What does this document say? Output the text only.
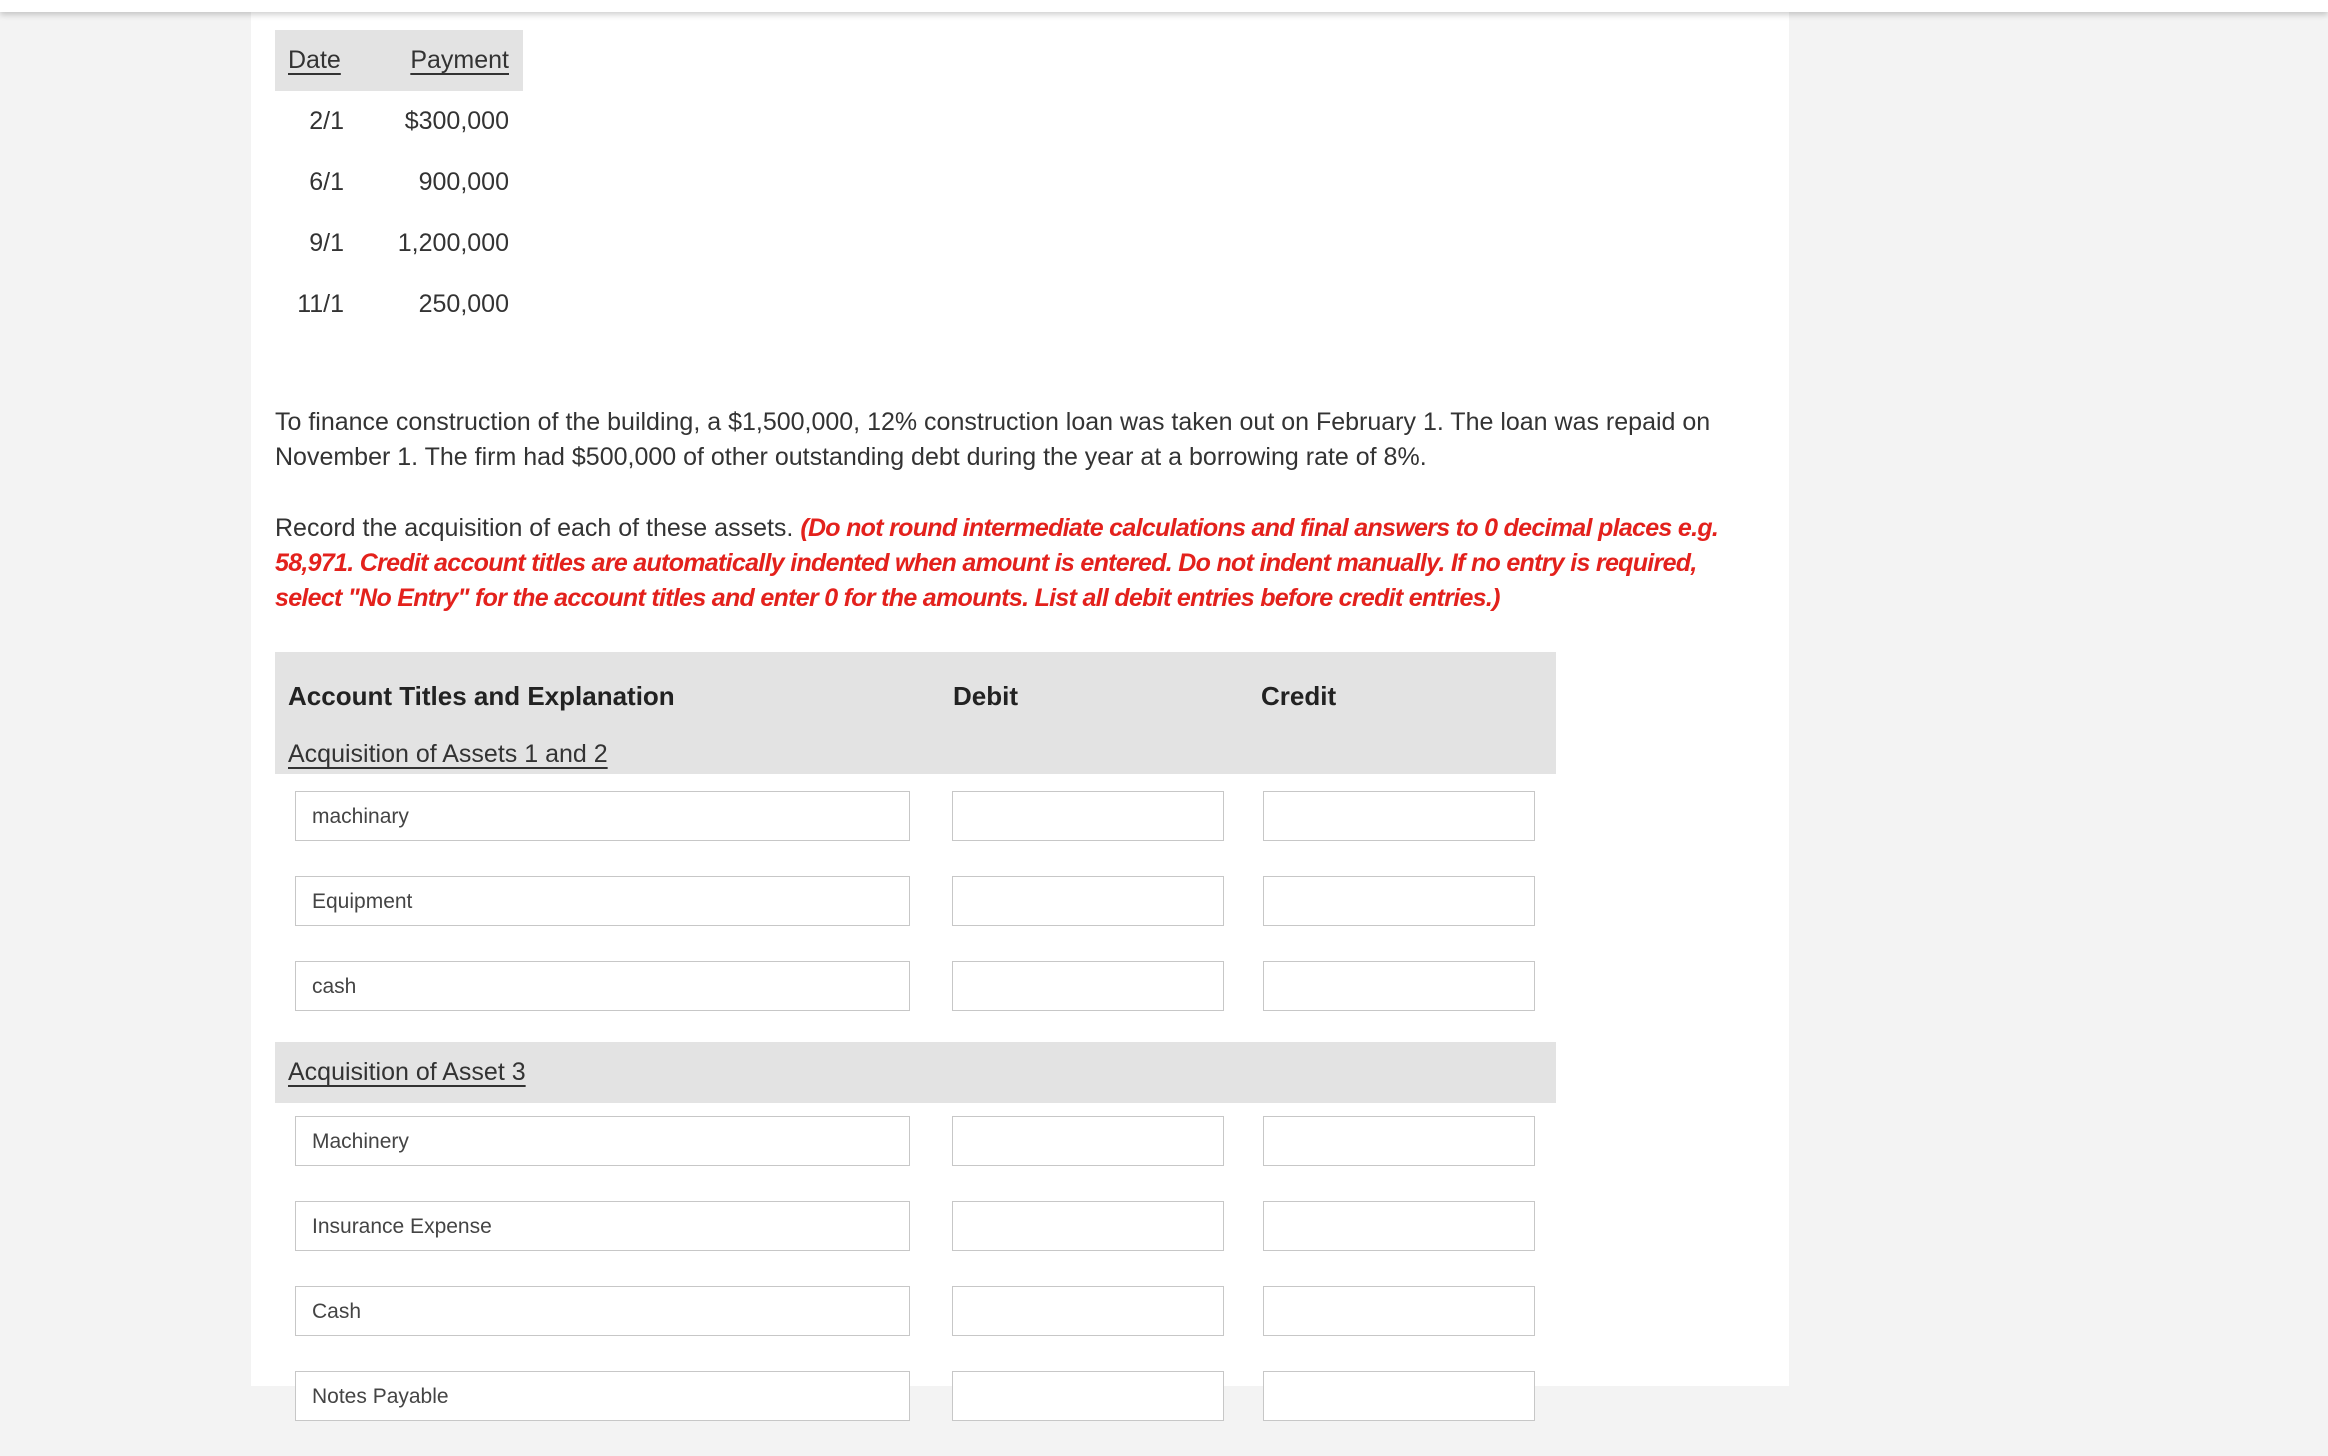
Date	Payment
2/1 $300,000
6/1	900,000
9/1 1,200,000
11/1	250,000
To finance construction of the building, a $1,500,000, 12% construction loan was taken out on February 1. The loan was repaid on November 1. The firm had $500,000 of other outstanding debt during the year at a borrowing rate of 8%.
Record the acquisition of each of these assets. (Do not round intermediate calculations and final answers to 0 decimal places e.g. 58,971. Credit account titles are automatically indented when amount is entered. Do not indent manually. If no entry is required, select "No Entry" for the account titles and enter 0 for the amounts. List all debit entries before credit entries.)
Account Titles and Explanation	Debit	Credit
Acquisition of Assets 1 and 2
machinary
Equipment
cash
Acquisition of Asset 3
Machinery
Insurance Expense
Cash
Notes Payable
